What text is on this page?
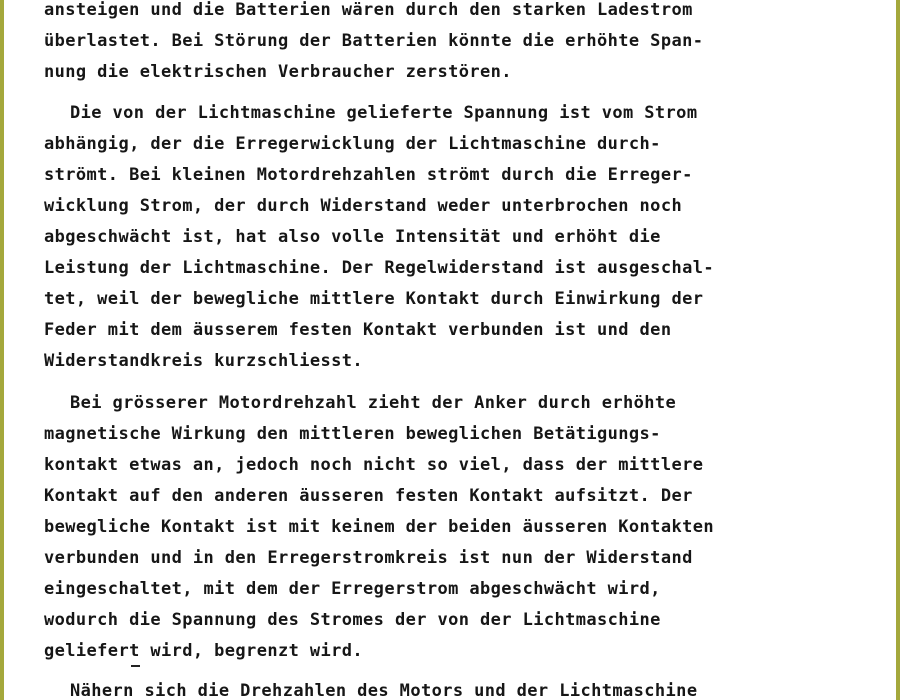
ansteigen und die Batterien wären durch den starken Ladestrom
überlastet. Bei Störung der Batterien könnte die erhöhte Span-
nung die elektrischen Verbraucher zerstören.
Die von der Lichtmaschine gelieferte Spannung ist vom Strom
abhängig, der die Erregerwicklung der Lichtmaschine durch-
strömt. Bei kleinen Motordrehzahlen strömt durch die Erreger-
wicklung Strom, der durch Widerstand weder unterbrochen noch
abgeschwächt ist, hat also volle Intensität und erhöht die
Leistung der Lichtmaschine. Der Regelwiderstand ist ausgeschal-
tet, weil der bewegliche mittlere Kontakt durch Einwirkung der
Feder mit dem äusserem festen Kontakt verbunden ist und den
Widerstandkreis kurzschliesst.
Bei grösserer Motordrehzahl zieht der Anker durch erhöhte
magnetische Wirkung den mittleren beweglichen Betätigungs-
kontakt etwas an, jedoch noch nicht so viel, dass der mittlere
Kontakt auf den anderen äusseren festen Kontakt aufsitzt. Der
bewegliche Kontakt ist mit keinem der beiden äusseren Kontakten
verbunden und in den Erregerstromkreis ist nun der Widerstand
eingeschaltet, mit dem der Erregerstrom abgeschwächt wird,
wodurch die Spannung des Stromes der von der Lichtmaschine
geliefert wird, begrenzt wird.
Nähern sich die Drehzahlen des Motors und der Lichtmaschine
